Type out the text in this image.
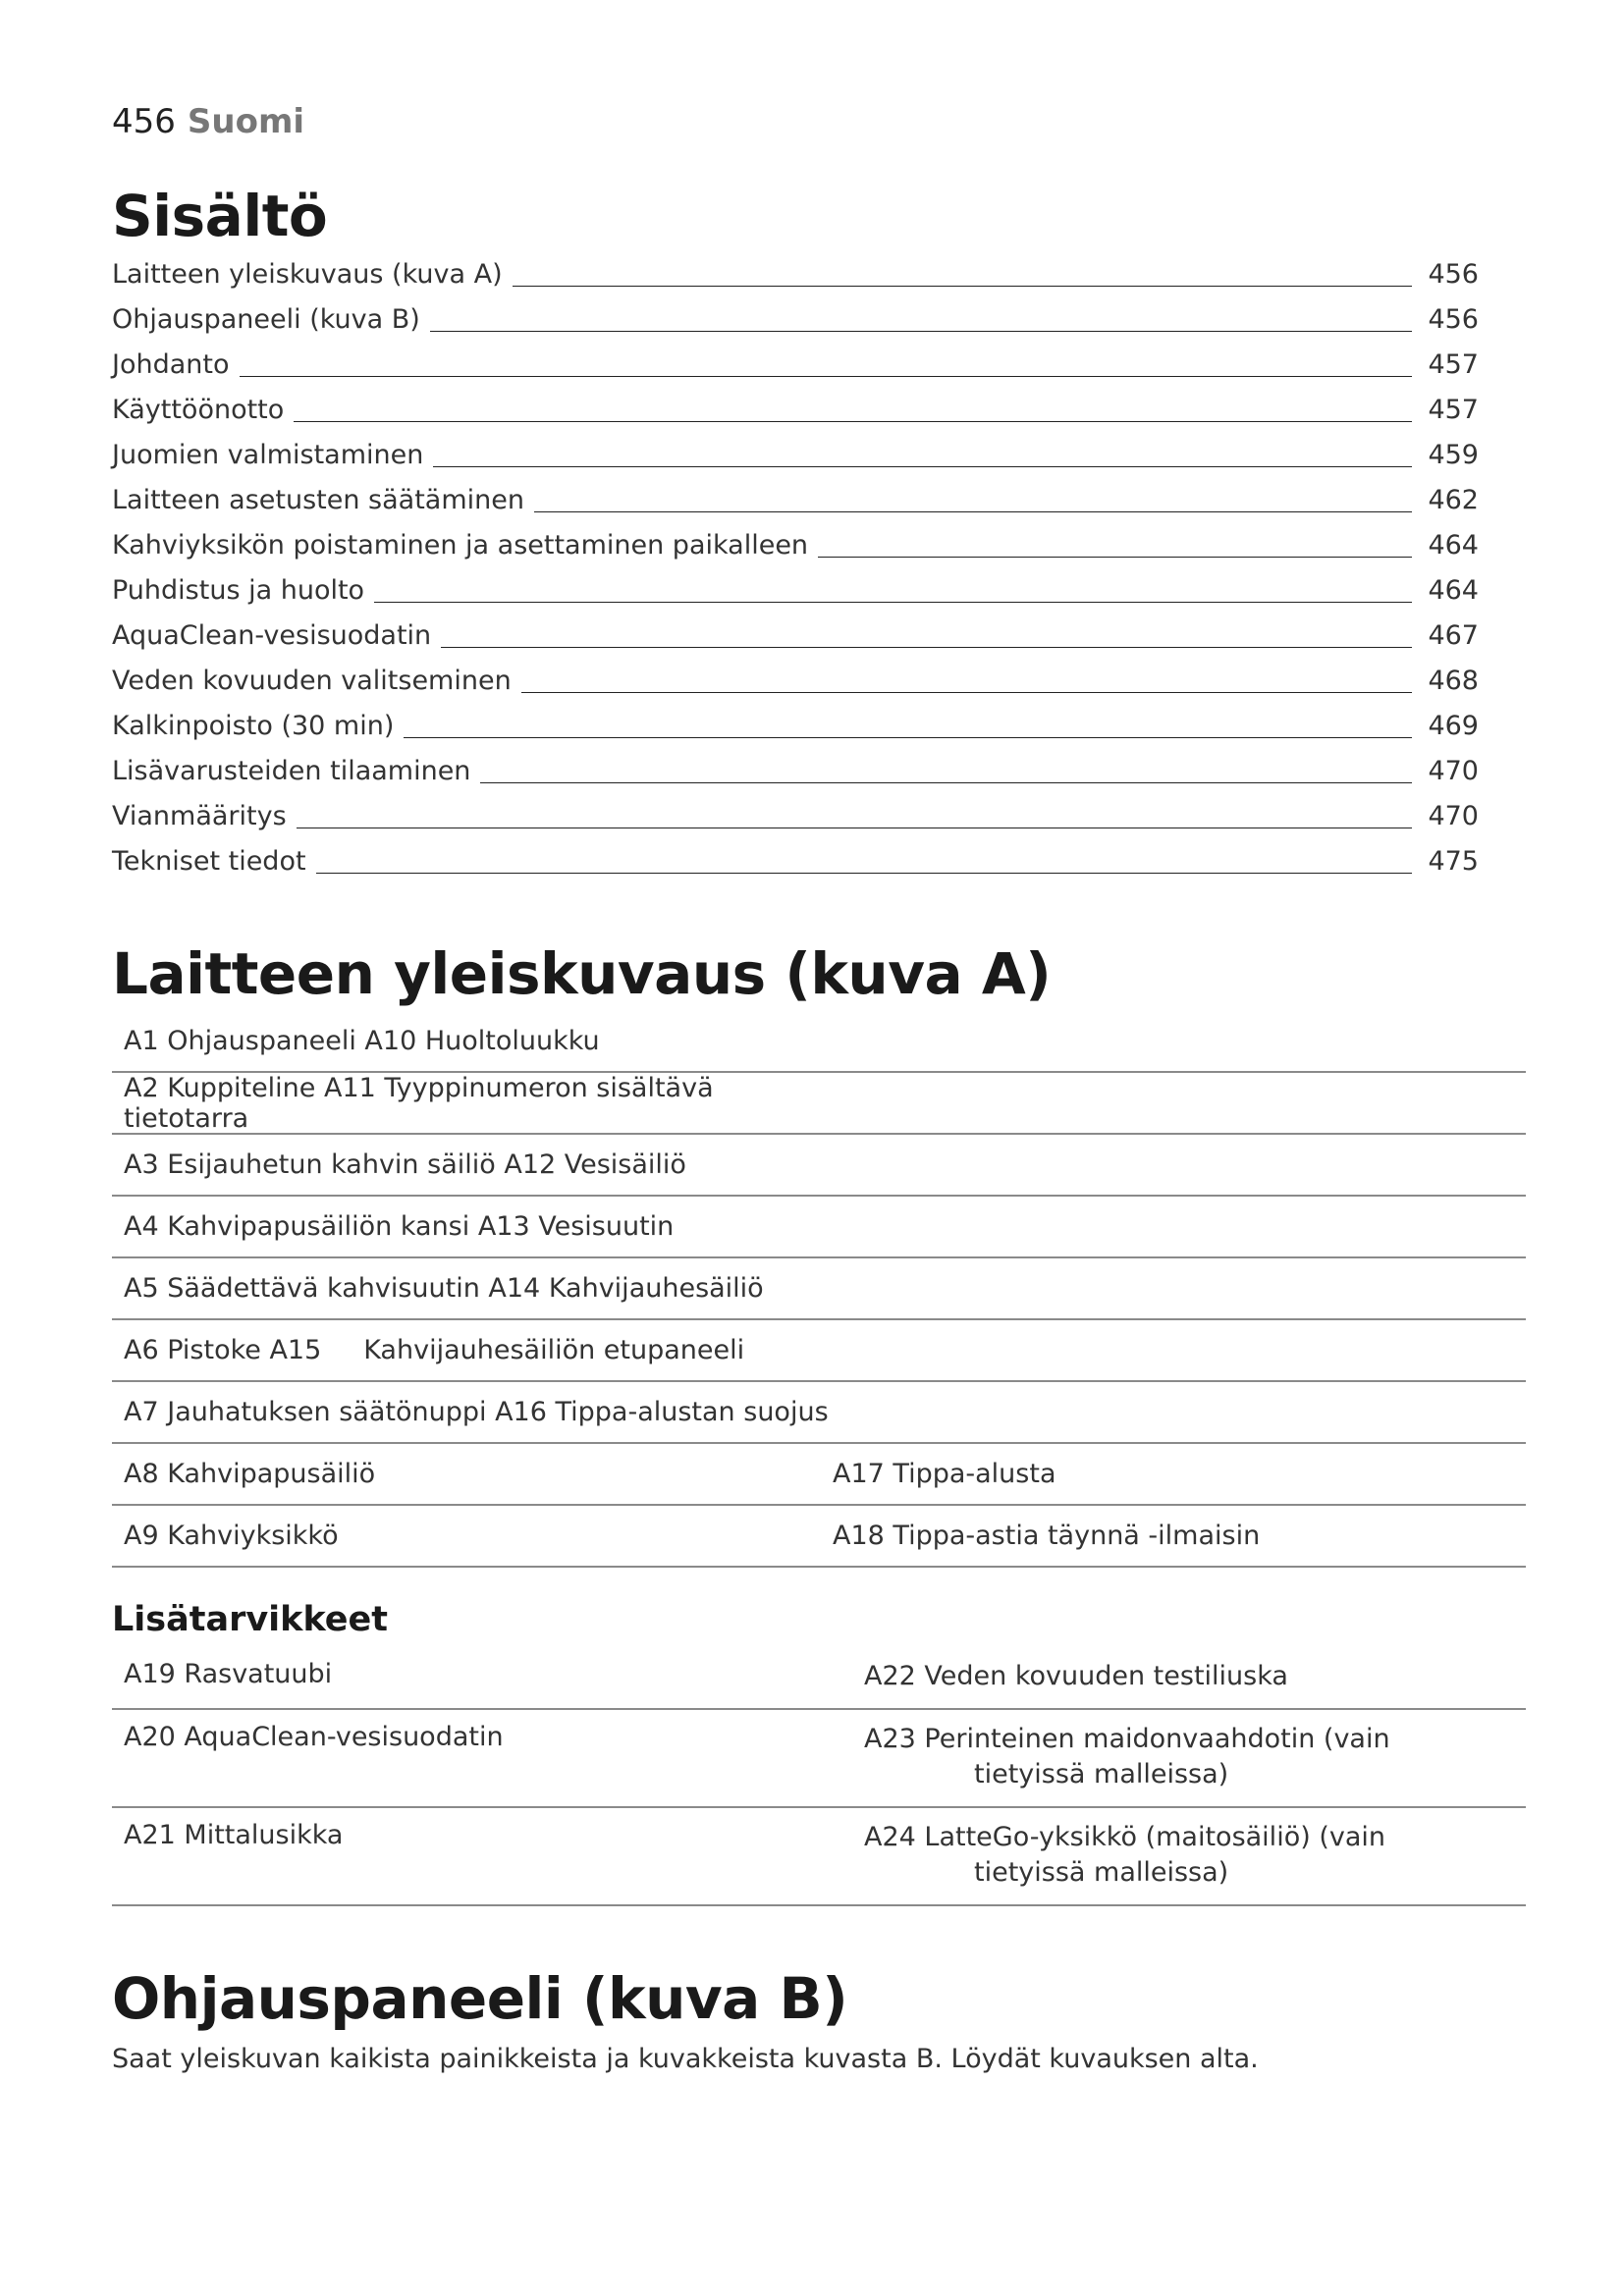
456 Suomi
Sisältö
Laitteen yleiskuvaus (kuva A)	456
Ohjauspaneeli (kuva B)	456
Johdanto	457
Käyttöönotto	457
Juomien valmistaminen	459
Laitteen asetusten säätäminen	462
Kahviyksikön poistaminen ja asettaminen paikalleen	464
Puhdistus ja huolto	464
AquaClean-vesisuodatin	467
Veden kovuuden valitseminen	468
Kalkinpoisto (30 min)	469
Lisävarusteiden tilaaminen	470
Vianmääritys	470
Tekniset tiedot	475
Laitteen yleiskuvaus (kuva A)
A1 Ohjauspaneeli A10 Huoltoluukku
A2 Kuppiteline A11 Tyyppinumeron sisältävä tietotarra
A3 Esijauhetun kahvin säiliö A12 Vesisäiliö
A4 Kahvipapusäiliön kansi A13 Vesisuutin
A5 Säädettävä kahvisuutin A14 Kahvijauhesäiliö
A6 Pistoke A15     Kahvijauhesäiliön etupaneeli
A7 Jauhatuksen säätönuppi A16 Tippa-alustan suojus
A8 Kahvipapusäiliö	A17 Tippa-alusta
A9 Kahviyksikkö	A18 Tippa-astia täynnä -ilmaisin
Lisätarvikkeet
A19 Rasvatuubi	A22 Veden kovuuden testiliuska
A20 AquaClean-vesisuodatin	A23 Perinteinen maidonvaahdotin (vain
tietyissä malleissa)
A21 Mittalusikka	A24 LatteGo-yksikkö (maitosäiliö) (vain
tietyissä malleissa)
Ohjauspaneeli (kuva B)

Saat yleiskuvan kaikista painikkeista ja kuvakkeista kuvasta B. Löydät kuvauksen alta.
